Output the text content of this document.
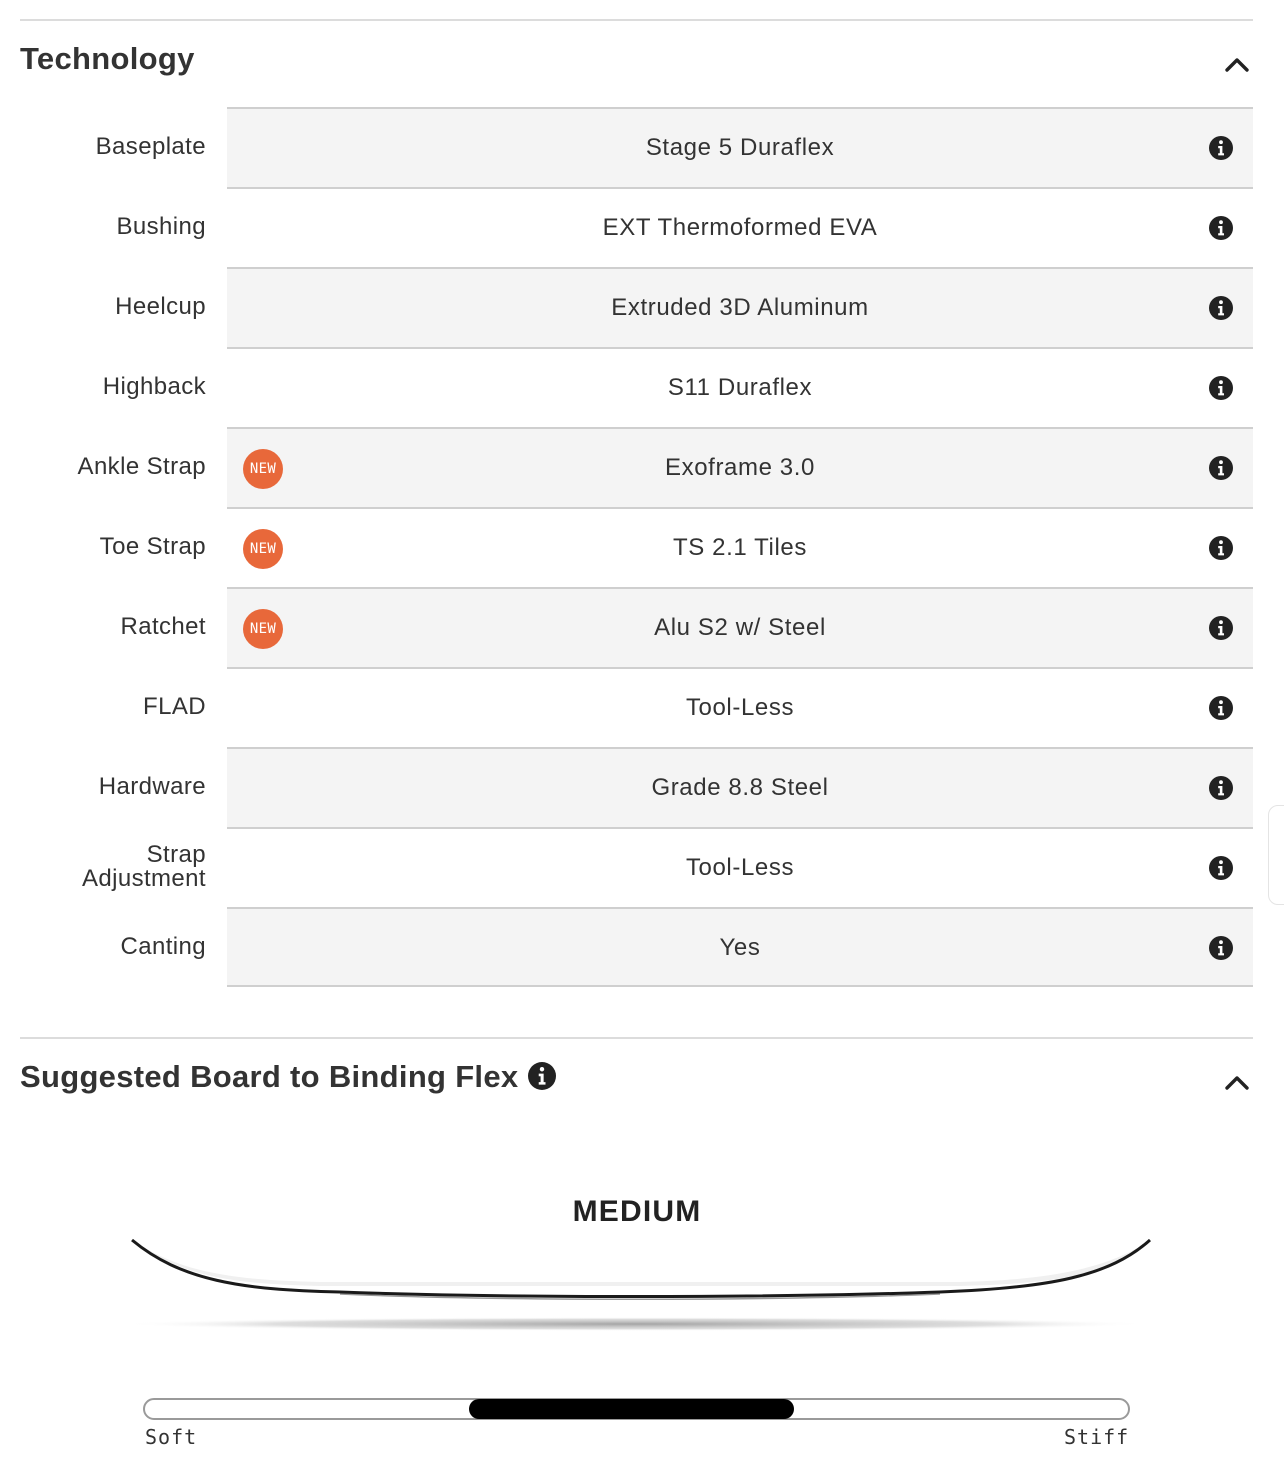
Technology
Baseplate	Stage 5 Duraflex
Bushing	EXT Thermoformed EVA
Heelcup	Extruded 3D Aluminum
Highback	S11 Duraflex
Ankle Strap	NEW	Exoframe 3.0
Toe Strap	NEW	TS 2.1 Tiles
Ratchet	NEW	Alu S2 w/ Steel
FLAD	Tool-Less
Hardware	Grade 8.8 Steel
Strap Adjustment	Tool-Less
Canting	Yes
Suggested Board to Binding Flex
MEDIUM
Soft	Stiff
